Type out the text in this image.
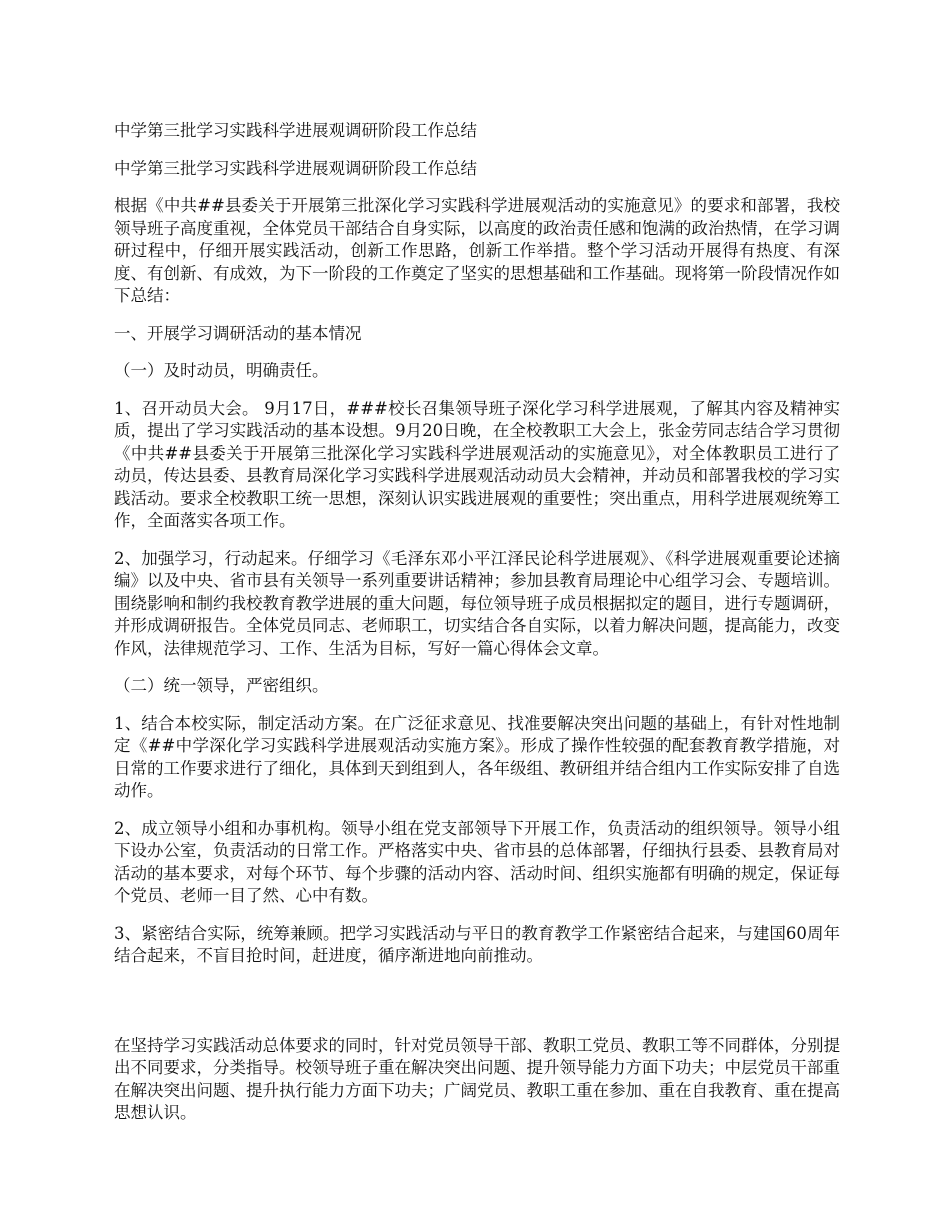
中学第三批学习实践科学进展观调研阶段工作总结

中学第三批学习实践科学进展观调研阶段工作总结

根据《中共##县委关于开展第三批深化学习实践科学进展观活动的实施意见》的要求和部署，我校领导班子高度重视，全体党员干部结合自身实际，以高度的政治责任感和饱满的政治热情，在学习调研过程中，仔细开展实践活动，创新工作思路，创新工作举措。整个学习活动开展得有热度、有深度、有创新、有成效，为下一阶段的工作奠定了坚实的思想基础和工作基础。现将第一阶段情况作如下总结：

一、开展学习调研活动的基本情况

（一）及时动员，明确责任。

1、召开动员大会。 9月17日，###校长召集领导班子深化学习科学进展观，了解其内容及精神实质，提出了学习实践活动的基本设想。9月20日晚，在全校教职工大会上，张金劳同志结合学习贯彻《中共##县委关于开展第三批深化学习实践科学进展观活动的实施意见》，对全体教职员工进行了动员，传达县委、县教育局深化学习实践科学进展观活动动员大会精神，并动员和部署我校的学习实践活动。要求全校教职工统一思想，深刻认识实践进展观的重要性；突出重点，用科学进展观统筹工作，全面落实各项工作。

2、加强学习，行动起来。仔细学习《毛泽东邓小平江泽民论科学进展观》、《科学进展观重要论述摘编》以及中央、省市县有关领导一系列重要讲话精神；参加县教育局理论中心组学习会、专题培训。围绕影响和制约我校教育教学进展的重大问题，每位领导班子成员根据拟定的题目，进行专题调研，并形成调研报告。全体党员同志、老师职工，切实结合各自实际，以着力解决问题，提高能力，改变作风，法律规范学习、工作、生活为目标，写好一篇心得体会文章。

（二）统一领导，严密组织。

1、结合本校实际，制定活动方案。在广泛征求意见、找准要解决突出问题的基础上，有针对性地制定《##中学深化学习实践科学进展观活动实施方案》。形成了操作性较强的配套教育教学措施，对日常的工作要求进行了细化，具体到天到组到人，各年级组、教研组并结合组内工作实际安排了自选动作。

2、成立领导小组和办事机构。领导小组在党支部领导下开展工作，负责活动的组织领导。领导小组下设办公室，负责活动的日常工作。严格落实中央、省市县的总体部署，仔细执行县委、县教育局对活动的基本要求，对每个环节、每个步骤的活动内容、活动时间、组织实施都有明确的规定，保证每个党员、老师一目了然、心中有数。

3、紧密结合实际，统筹兼顾。把学习实践活动与平日的教育教学工作紧密结合起来，与建国60周年结合起来，不盲目抢时间，赶进度，循序渐进地向前推动。

在坚持学习实践活动总体要求的同时，针对党员领导干部、教职工党员、教职工等不同群体，分别提出不同要求，分类指导。校领导班子重在解决突出问题、提升领导能力方面下功夫；中层党员干部重在解决突出问题、提升执行能力方面下功夫；广阔党员、教职工重在参加、重在自我教育、重在提高思想认识。
